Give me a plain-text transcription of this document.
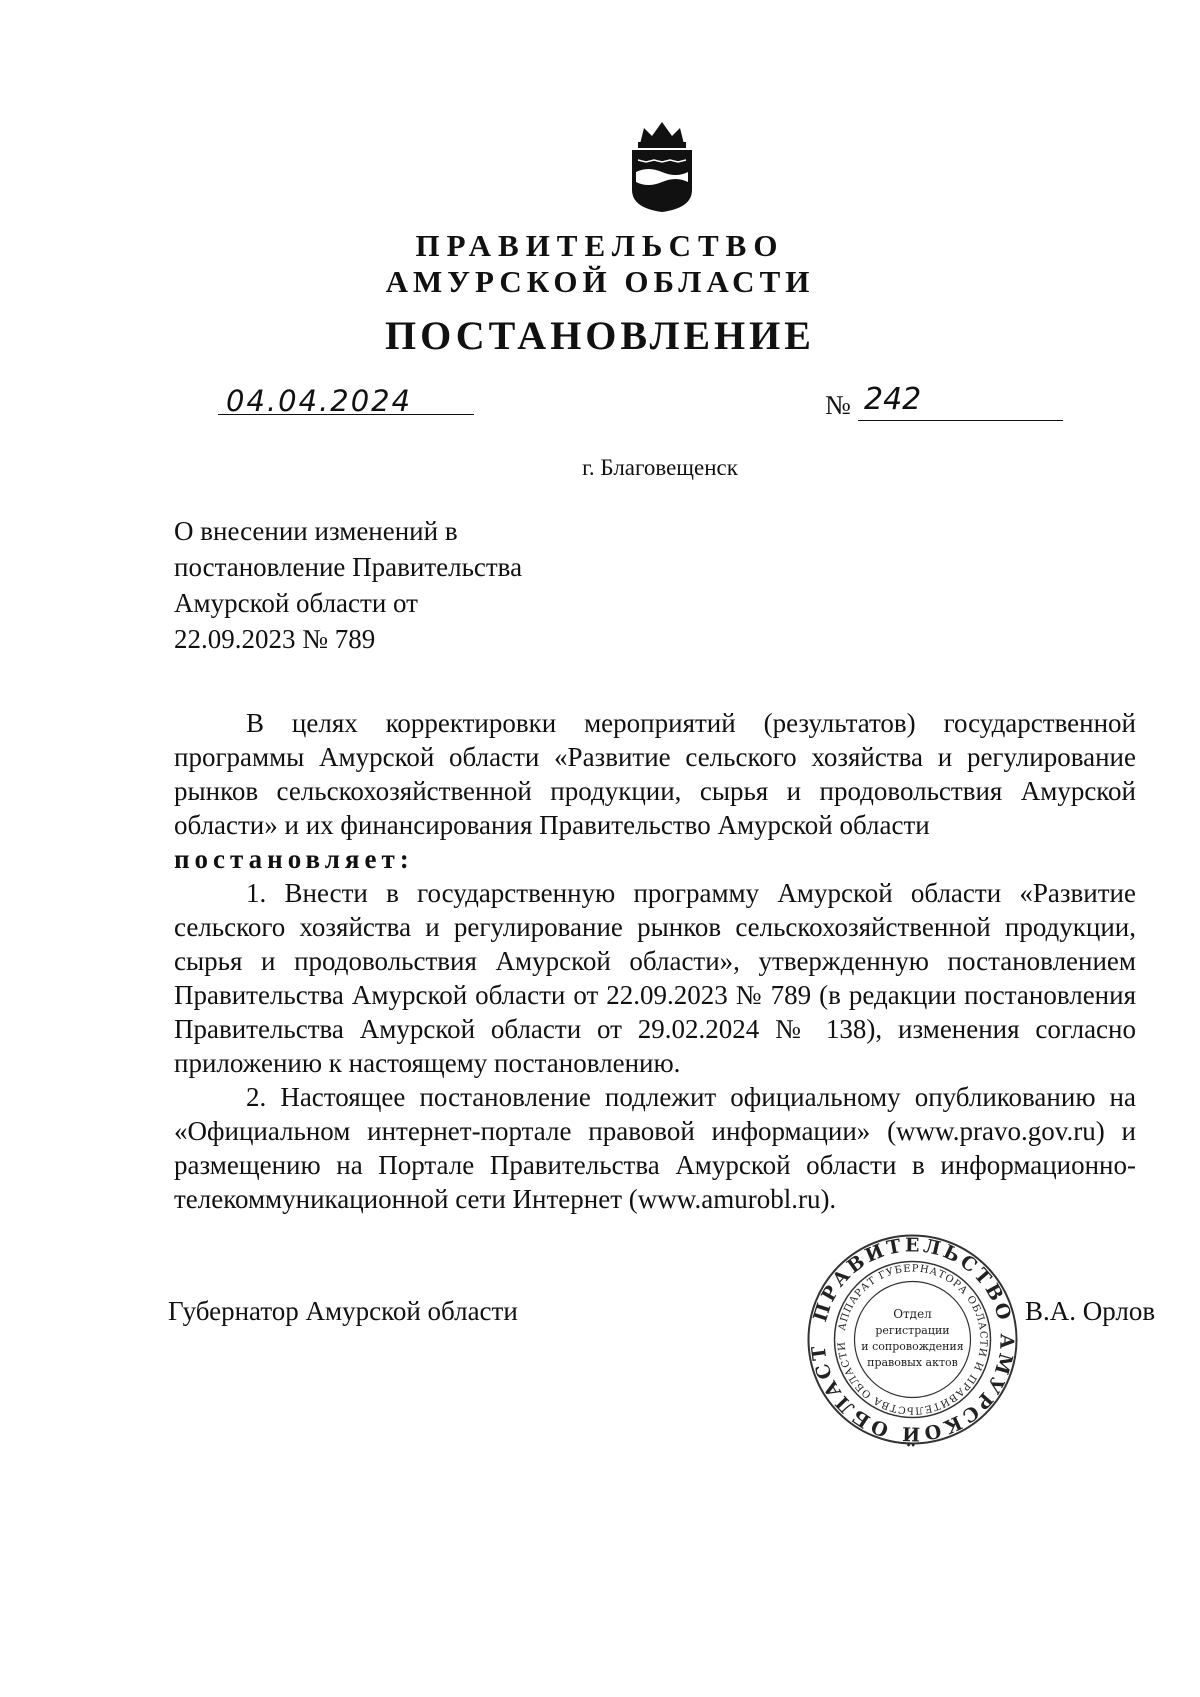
ПРАВИТЕЛЬСТВО
АМУРСКОЙ ОБЛАСТИ
ПОСТАНОВЛЕНИЕ
04.04.2024	№ 242
г. Благовещенск
О внесении изменений в
постановление Правительства
Амурской области от
22.09.2023 № 789

В целях корректировки мероприятий (результатов) государственной программы Амурской области «Развитие сельского хозяйства и регулирование рынков сельскохозяйственной продукции, сырья и продовольствия Амурской области» и их финансирования Правительство Амурской области

постановляет:

1. Внести в государственную программу Амурской области «Развитие сельского хозяйства и регулирование рынков сельскохозяйственной продукции, сырья и продовольствия Амурской области», утвержденную постановлением Правительства Амурской области от 22.09.2023 № 789 (в редакции постановления Правительства Амурской области от 29.02.2024 № 138), изменения согласно приложению к настоящему постановлению.

2. Настоящее постановление подлежит официальному опубликованию на «Официальном интернет-портале правовой информации» (www.pravo.gov.ru) и размещению на Портале Правительства Амурской области в информационно-телекоммуникационной сети Интернет (www.amurobl.ru).

ПРАВИТЕЛЬСТВО АМУРСКОЙ ОБЛАСТ
АППАРАТ ГУБЕРНАТОРА ОБЛАСТИ И ПРАВИТЕЛЬСТВА ОБЛАСТИ
Отдел
регистрации
и сопровождения
правовых актов
Губернатор Амурской области	В.А. Орлов
